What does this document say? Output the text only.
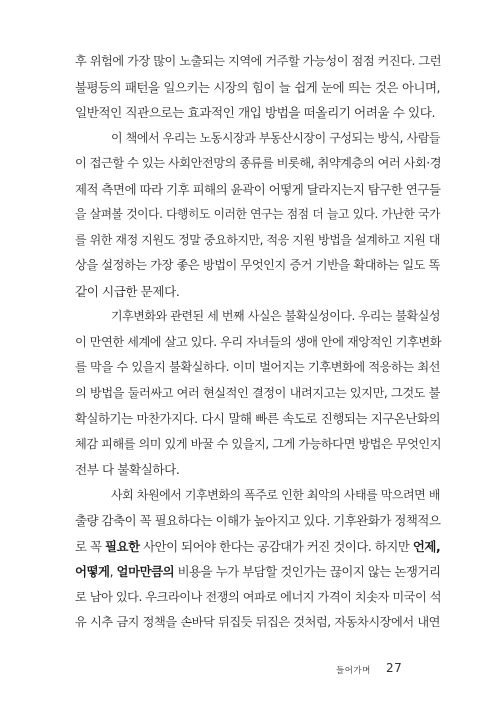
후 위험에 가장 많이 노출되는 지역에 거주할 가능성이 점점 커진다. 그런
불평등의 패턴을 일으키는 시장의 힘이 늘 쉽게 눈에 띄는 것은 아니며,
일반적인 직관으로는 효과적인 개입 방법을 떠올리기 어려울 수 있다.
이 책에서 우리는 노동시장과 부동산시장이 구성되는 방식, 사람들
이 접근할 수 있는 사회안전망의 종류를 비롯해, 취약계층의 여러 사회·경
제적 측면에 따라 기후 피해의 윤곽이 어떻게 달라지는지 탐구한 연구들
을 살펴볼 것이다. 다행히도 이러한 연구는 점점 더 늘고 있다. 가난한 국가
를 위한 재정 지원도 정말 중요하지만, 적응 지원 방법을 설계하고 지원 대
상을 설정하는 가장 좋은 방법이 무엇인지 증거 기반을 확대하는 일도 똑
같이 시급한 문제다.
기후변화와 관련된 세 번째 사실은 불확실성이다. 우리는 불확실성
이 만연한 세계에 살고 있다. 우리 자녀들의 생애 안에 재앙적인 기후변화
를 막을 수 있을지 불확실하다. 이미 벌어지는 기후변화에 적응하는 최선
의 방법을 둘러싸고 여러 현실적인 결정이 내려지고는 있지만, 그것도 불
확실하기는 마찬가지다. 다시 말해 빠른 속도로 진행되는 지구온난화의
체감 피해를 의미 있게 바꿀 수 있을지, 그게 가능하다면 방법은 무엇인지
전부 다 불확실하다.
사회 차원에서 기후변화의 폭주로 인한 최악의 사태를 막으려면 배
출량 감축이 꼭 필요하다는 이해가 높아지고 있다. 기후완화가 정책적으
로 꼭 필요한 사안이 되어야 한다는 공감대가 커진 것이다. 하지만 언제,
어떻게, 얼마만큼의 비용을 누가 부담할 것인가는 끊이지 않는 논쟁거리
로 남아 있다. 우크라이나 전쟁의 여파로 에너지 가격이 치솟자 미국이 석
유 시추 금지 정책을 손바닥 뒤집듯 뒤집은 것처럼, 자동차시장에서 내연
들어가며 27
